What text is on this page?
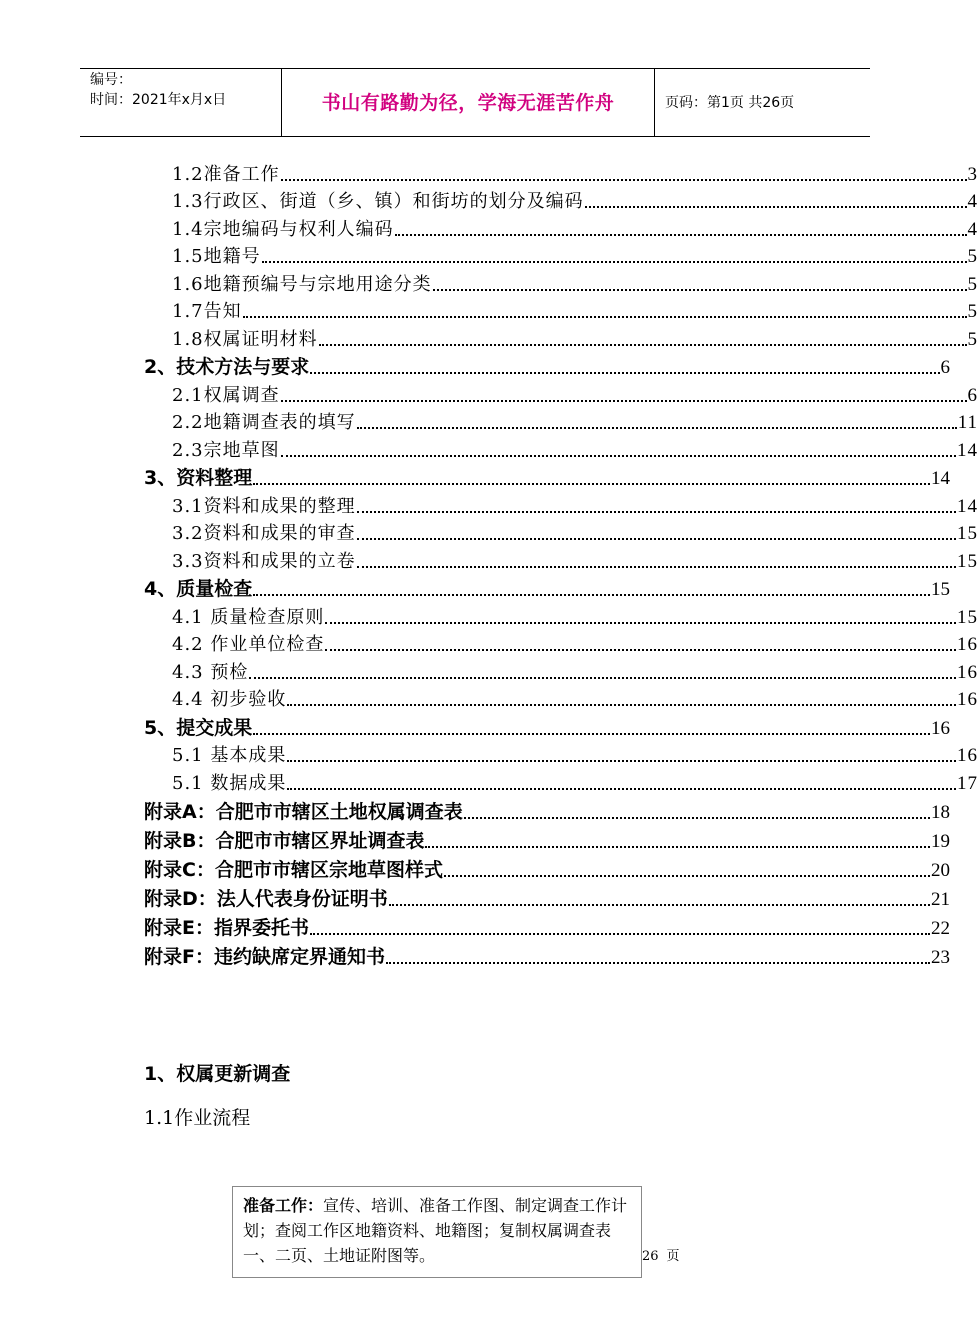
编号：
时间：2021年x月x日	书山有路勤为径，学海无涯苦作舟	页码：第1页 共26页
1.2准备工作	3
1.3行政区、街道（乡、镇）和街坊的划分及编码	4
1.4宗地编码与权利人编码	4
1.5地籍号	5
1.6地籍预编号与宗地用途分类	5
1.7告知	5
1.8权属证明材料	5
2、技术方法与要求	6
2.1权属调查	6
2.2地籍调查表的填写	11
2.3宗地草图	14
3、资料整理	14
3.1资料和成果的整理	14
3.2资料和成果的审查	15
3.3资料和成果的立卷	15
4、质量检查	15
4.1 质量检查原则	15
4.2 作业单位检查	16
4.3 预检	16
4.4 初步验收	16
5、提交成果	16
5.1 基本成果	16
5.1 数据成果	17
附录A：合肥市市辖区土地权属调查表	18
附录B：合肥市市辖区界址调查表	19
附录C：合肥市市辖区宗地草图样式	20
附录D：法人代表身份证明书	21
附录E：指界委托书	22
附录F：违约缺席定界通知书	23
1、权属更新调查
1.1作业流程
准备工作：宣传、培训、准备工作图、制定调查工作计划；查阅工作区地籍资料、地籍图；复制权属调查表一、二页、土地证附图等。	26 页
